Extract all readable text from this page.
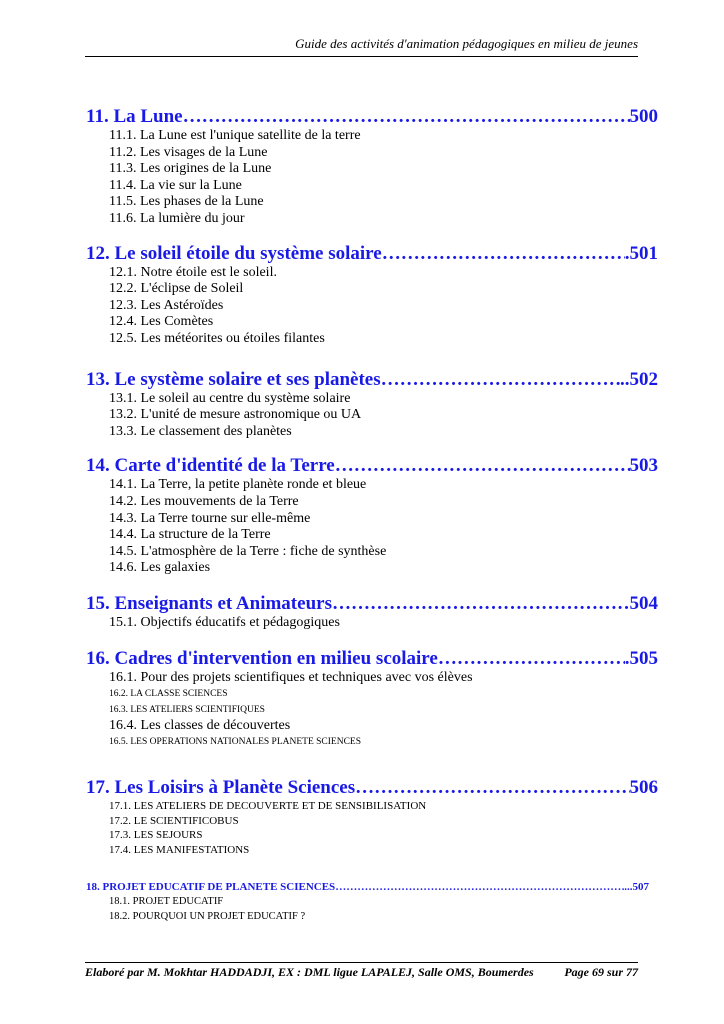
Guide des activités d'animation pédagogiques en milieu de jeunes
11. La Lune ………………………………………………………………………………………………………………………………………………………………………………	500
11.1. La Lune est l'unique satellite de la terre
11.2. Les visages de la Lune
11.3. Les origines de la Lune
11.4. La vie sur la Lune
11.5. Les phases de la Lune
11.6. La lumière du jour
12. Le soleil étoile du système solaire ………………………………………………………………………………………………………………………………………………………………………………	.501
12.1. Notre étoile est le soleil.
12.2. L'éclipse de Soleil
12.3. Les Astéroïdes
12.4. Les Comètes
12.5. Les météorites ou étoiles filantes
13. Le système solaire et ses planètes ………………………………………………………………………………………………………………………………………………………………………………	..502
13.1. Le soleil au centre du système solaire
13.2. L'unité de mesure astronomique ou UA
13.3. Le classement des planètes
14. Carte d'identité de la Terre ………………………………………………………………………………………………………………………………………………………………………………	503
14.1. La Terre, la petite planète ronde et bleue
14.2. Les mouvements de la Terre
14.3. La Terre tourne sur elle-même
14.4. La structure de la Terre
14.5. L'atmosphère de la Terre : fiche de synthèse
14.6. Les galaxies
15. Enseignants et Animateurs ………………………………………………………………………………………………………………………………………………………………………………	504
15.1. Objectifs éducatifs et pédagogiques
16. Cadres d'intervention en milieu scolaire ………………………………………………………………………………………………………………………………………………………………………………	.505
16.1. Pour des projets scientifiques et techniques avec vos élèves
16.2. LA CLASSE SCIENCES
16.3. LES ATELIERS SCIENTIFIQUES
16.4. Les classes de découvertes
16.5. LES OPERATIONS NATIONALES PLANETE SCIENCES
17. Les Loisirs à Planète Sciences ………………………………………………………………………………………………………………………………………………………………………………	506
17.1. LES ATELIERS DE DECOUVERTE ET DE SENSIBILISATION
17.2. LE SCIENTIFICOBUS
17.3. LES SEJOURS
17.4. LES MANIFESTATIONS
18. PROJET EDUCATIF DE PLANETE SCIENCES ………………………………………………………………………………………………………………………………………………………………………………	...507
18.1. PROJET EDUCATIF
18.2. POURQUOI UN PROJET EDUCATIF ?
Elaboré par M. Mokhtar HADDADJI, EX : DML ligue LAPALEJ, Salle OMS, Boumerdes	Page 69 sur 77
